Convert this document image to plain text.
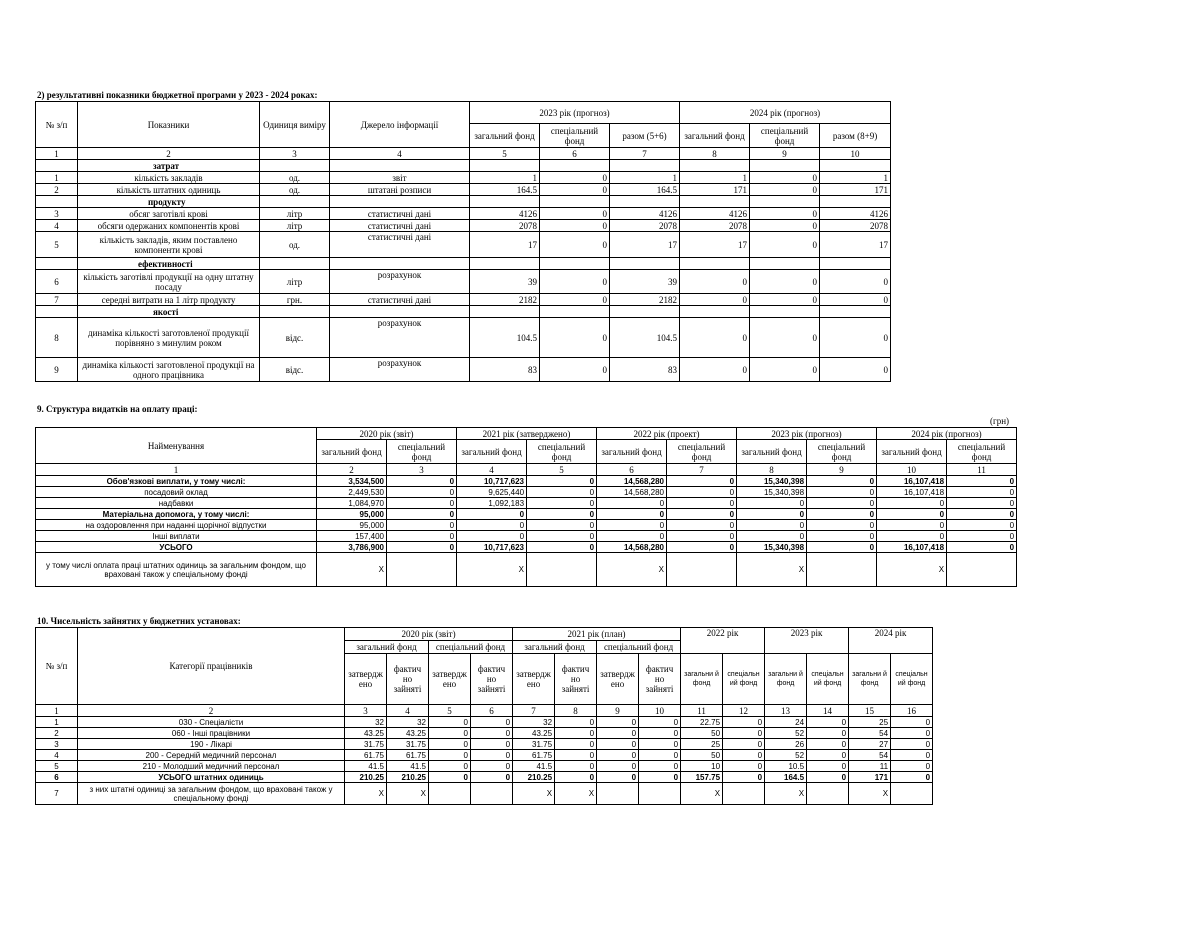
2) результативні показники бюджетної програми у 2023 - 2024 роках:
№ з/п	Показники	Одиниця виміру	Джерело інформації	2023 рік (прогноз)			2024 рік (прогноз)		
				загальний фонд	спеціальний фонд	разом (5+6)	загальний фонд	спеціальний фонд	разом (8+9)
1	2	3	4	5	6	7	8	9	10
	затрат								
1	кількість закладів	од.	звіт	1	0	1	1	0	1
2	кількість штатних одиниць	од.	штатані розписи	164.5	0	164.5	171	0	171
	продукту								
3	обсяг заготівлі крові	літр	статистичні дані	4126	0	4126	4126	0	4126
4	обсяги одержаних компонентів крові	літр	статистичні дані	2078	0	2078	2078	0	2078
5	кількість закладів, яким поставлено компоненти крові	од.	статистичні дані	17	0	17	17	0	17
	ефективності								
6	кількість заготівлі продукції на одну штатну посаду	літр	розрахунок	39	0	39	0	0	0
7	середні витрати на 1 літр продукту	грн.	статистичні дані	2182	0	2182	0	0	0
	якості								
8	динаміка кількості заготовленої продукції порівняно з минулим роком	відс.	розрахунок	104.5	0	104.5	0	0	0
9	динаміка кількості заготовленої продукції на одного працівника	відс.	розрахунок	83	0	83	0	0	0
9. Структура видатків на оплату праці:
(грн)
Найменування	2020 рік (звіт)		2021 рік (затверджено)		2022 рік (проект)		2023 рік (прогноз)		2024 рік (прогноз)	
	загальний фонд	спеціальний фонд	загальний фонд	спеціальний фонд	загальний фонд	спеціальний фонд	загальний фонд	спеціальний фонд	загальний фонд	спеціальний фонд
1	2	3	4	5	6	7	8	9	10	11
Обов'язкові виплати, у тому числі:	3,534,500	0	10,717,623	0	14,568,280	0	15,340,398	0	16,107,418	0
посадовий оклад	2,449,530	0	9,625,440	0	14,568,280	0	15,340,398	0	16,107,418	0
надбавки	1,084,970	0	1,092,183	0	0	0	0	0	0	0
Матеріальна допомога, у тому числі:	95,000	0	0	0	0	0	0	0	0	0
на оздоровлення при наданні щорічної відпустки	95,000	0	0	0	0	0	0	0	0	0
Інші виплати	157,400	0	0	0	0	0	0	0	0	0
УСЬОГО	3,786,900	0	10,717,623	0	14,568,280	0	15,340,398	0	16,107,418	0
у тому числі оплата праці штатних одиниць за загальним фондом, що враховані також у спеціальному фонді	X		X		X		X		X	
10. Чисельність зайнятих у бюджетних установах:
№ з/п	Категорії працівників	2020 рік (звіт)				2021 рік (план)				2022 рік		2023 рік		2024 рік	
		загальний фонд		спеціальний фонд		загальний фонд		спеціальний фонд							
		затвердж ено	фактич но зайняті	затвердж ено	фактич но зайняті	затвердж ено	фактич но зайняті	затвердж ено	фактич но зайняті	загальни й фонд	спеціальн ий фонд	загальни й фонд	спеціальн ий фонд	загальни й фонд	спеціальн ий фонд
1	2	3	4	5	6	7	8	9	10	11	12	13	14	15	16
1	030 - Спеціалісти	32	32	0	0	32	0	0	0	22.75	0	24	0	25	0
2	060 - Інші працівники	43.25	43.25	0	0	43.25	0	0	0	50	0	52	0	54	0
3	190 - Лікарі	31.75	31.75	0	0	31.75	0	0	0	25	0	26	0	27	0
4	200 - Середній медичний персонал	61.75	61.75	0	0	61.75	0	0	0	50	0	52	0	54	0
5	210 - Молодший медичний персонал	41.5	41.5	0	0	41.5	0	0	0	10	0	10.5	0	11	0
6	УСЬОГО штатних одиниць	210.25	210.25	0	0	210.25	0	0	0	157.75	0	164.5	0	171	0
7	з них штатні одиниці за загальним фондом, що враховані також у спеціальному фонді	X	X			X	X			X		X		X	
